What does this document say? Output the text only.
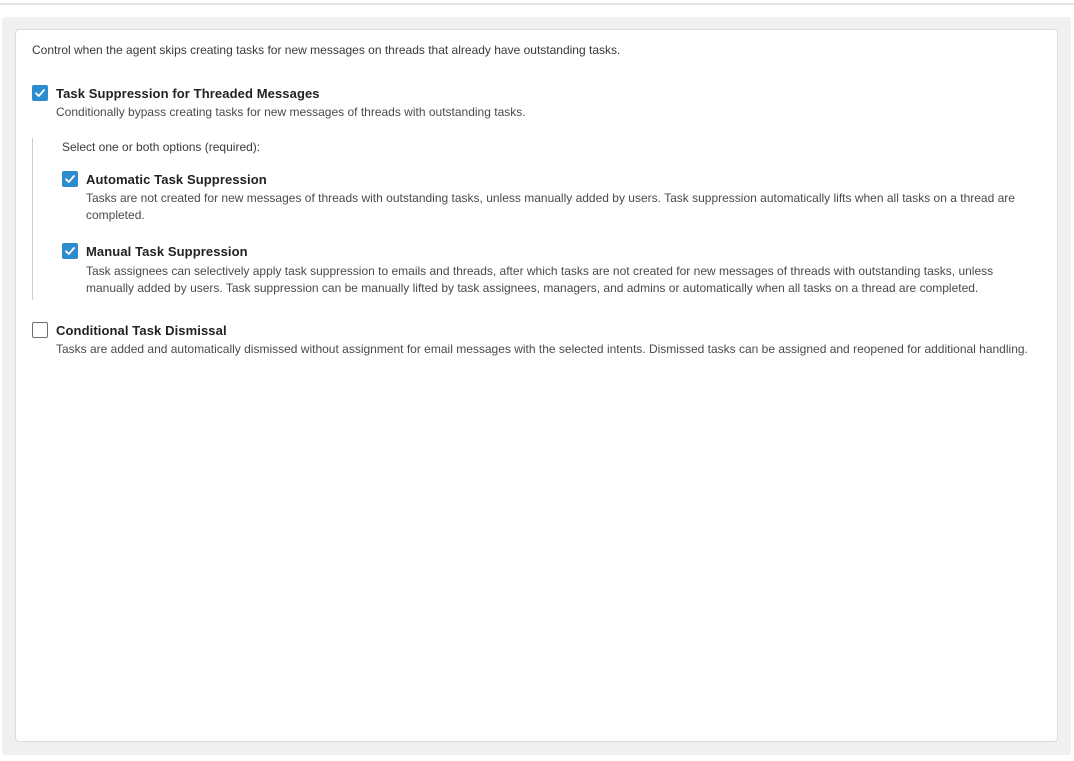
Control when the agent skips creating tasks for new messages on threads that already have outstanding tasks.
Task Suppression for Threaded Messages
Conditionally bypass creating tasks for new messages of threads with outstanding tasks.
Select one or both options (required):
Automatic Task Suppression
Tasks are not created for new messages of threads with outstanding tasks, unless manually added by users. Task suppression automatically lifts when all tasks on a thread are completed.
Manual Task Suppression
Task assignees can selectively apply task suppression to emails and threads, after which tasks are not created for new messages of threads with outstanding tasks, unless manually added by users. Task suppression can be manually lifted by task assignees, managers, and admins or automatically when all tasks on a thread are completed.
Conditional Task Dismissal
Tasks are added and automatically dismissed without assignment for email messages with the selected intents. Dismissed tasks can be assigned and reopened for additional handling.
